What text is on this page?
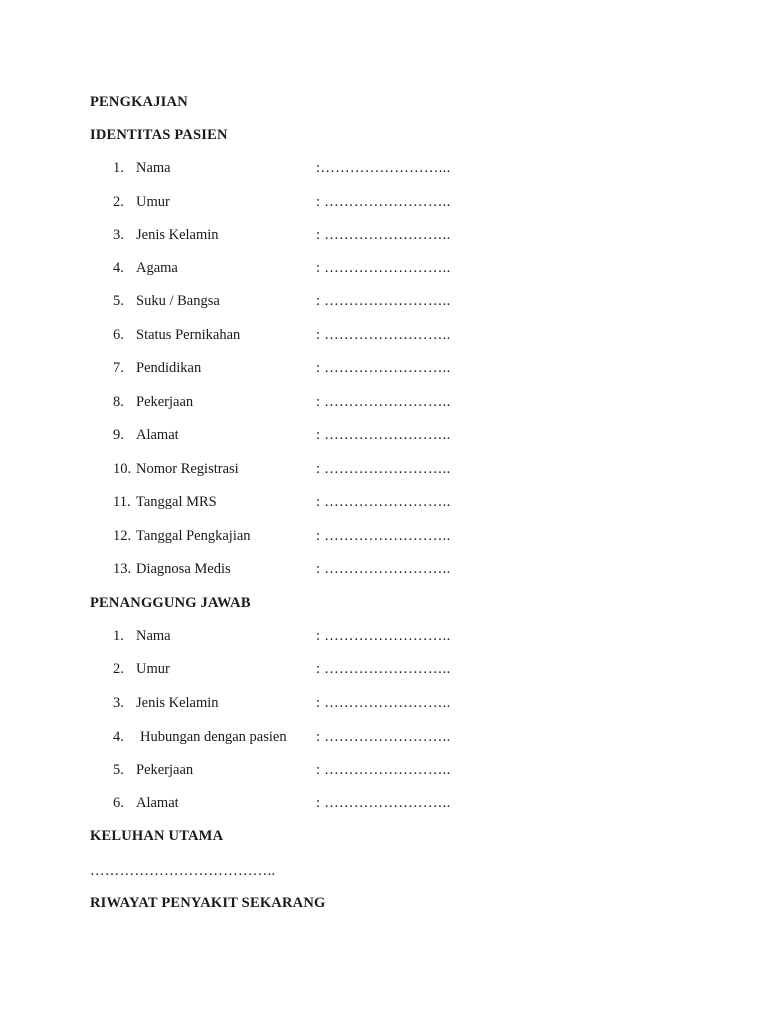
PENGKAJIAN
IDENTITAS PASIEN
1. Nama	:……………………...
2. Umur	: ……………………..
3. Jenis Kelamin	: ……………………..
4. Agama	: ……………………..
5. Suku / Bangsa	: ……………………..
6. Status Pernikahan	: ……………………..
7. Pendidikan	: ……………………..
8. Pekerjaan	: ……………………..
9. Alamat	: ……………………..
10. Nomor Registrasi	: ……………………..
11. Tanggal MRS	: ……………………..
12. Tanggal Pengkajian	: ……………………..
13. Diagnosa Medis	: ……………………..
PENANGGUNG JAWAB
1. Nama	: ……………………..
2. Umur	: ……………………..
3. Jenis Kelamin	: ……………………..
4. Hubungan dengan pasien : ……………………..
5. Pekerjaan	: ……………………..
6. Alamat	: ……………………..
KELUHAN UTAMA
………………………………..
RIWAYAT PENYAKIT SEKARANG
